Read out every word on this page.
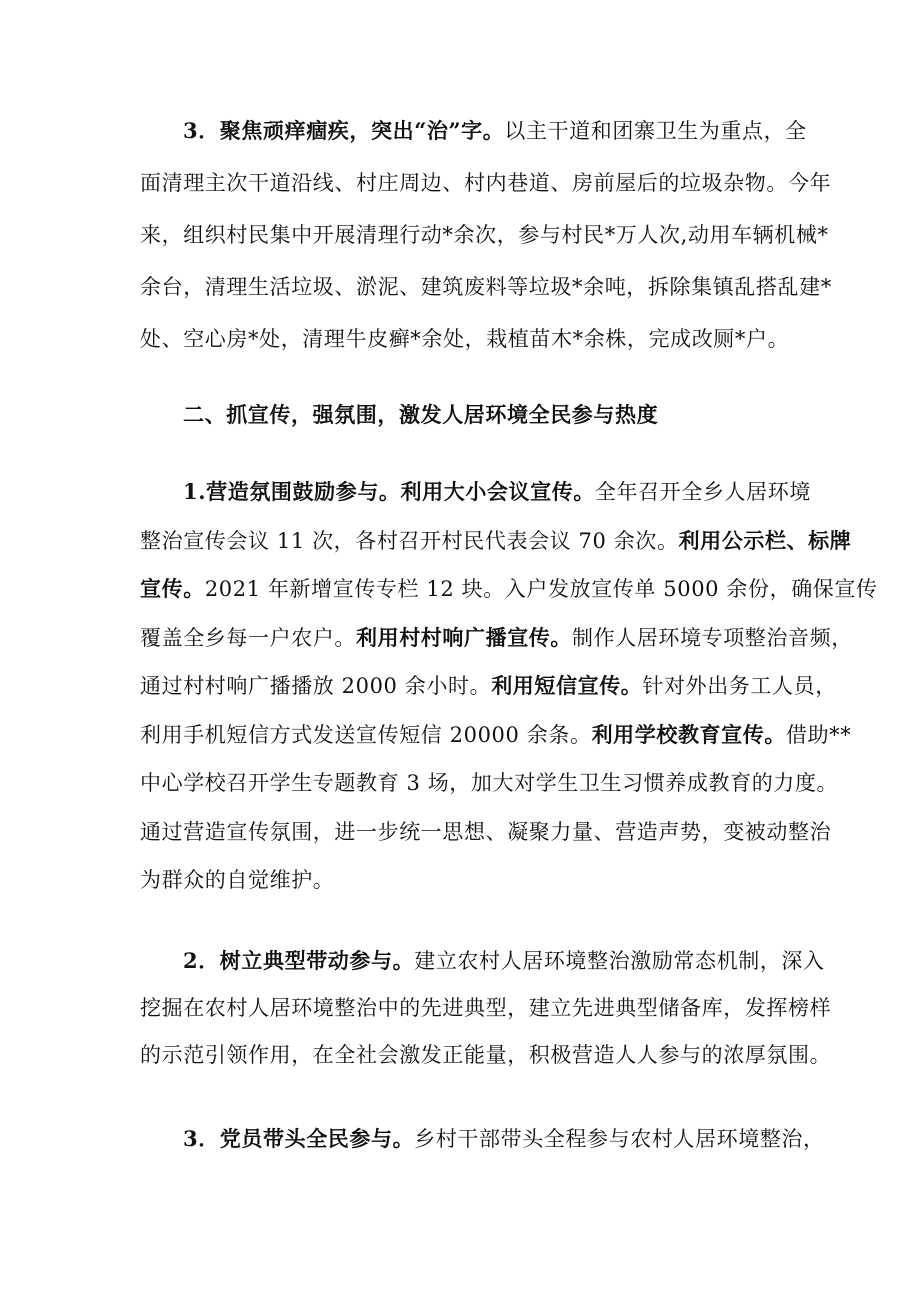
3．聚焦顽痒痼疾，突出“治”字。以主干道和团寨卫生为重点，全
面清理主次干道沿线、村庄周边、村内巷道、房前屋后的垃圾杂物。今年
来，组织村民集中开展清理行动*余次，参与村民*万人次,动用车辆机械*
余台，清理生活垃圾、淤泥、建筑废料等垃圾*余吨，拆除集镇乱搭乱建*
处、空心房*处，清理牛皮癣*余处，栽植苗木*余株，完成改厕*户。
二、抓宣传，强氛围，激发人居环境全民参与热度
1.营造氛围鼓励参与。利用大小会议宣传。全年召开全乡人居环境
整治宣传会议 11 次，各村召开村民代表会议 70 余次。利用公示栏、标牌
宣传。2021 年新增宣传专栏 12 块。入户发放宣传单 5000 余份，确保宣传
覆盖全乡每一户农户。利用村村响广播宣传。制作人居环境专项整治音频，
通过村村响广播播放 2000 余小时。利用短信宣传。针对外出务工人员，
利用手机短信方式发送宣传短信 20000 余条。利用学校教育宣传。借助**
中心学校召开学生专题教育 3 场，加大对学生卫生习惯养成教育的力度。
通过营造宣传氛围，进一步统一思想、凝聚力量、营造声势，变被动整治
为群众的自觉维护。
2．树立典型带动参与。建立农村人居环境整治激励常态机制，深入
挖掘在农村人居环境整治中的先进典型，建立先进典型储备库，发挥榜样
的示范引领作用，在全社会激发正能量，积极营造人人参与的浓厚氛围。
3．党员带头全民参与。乡村干部带头全程参与农村人居环境整治，
